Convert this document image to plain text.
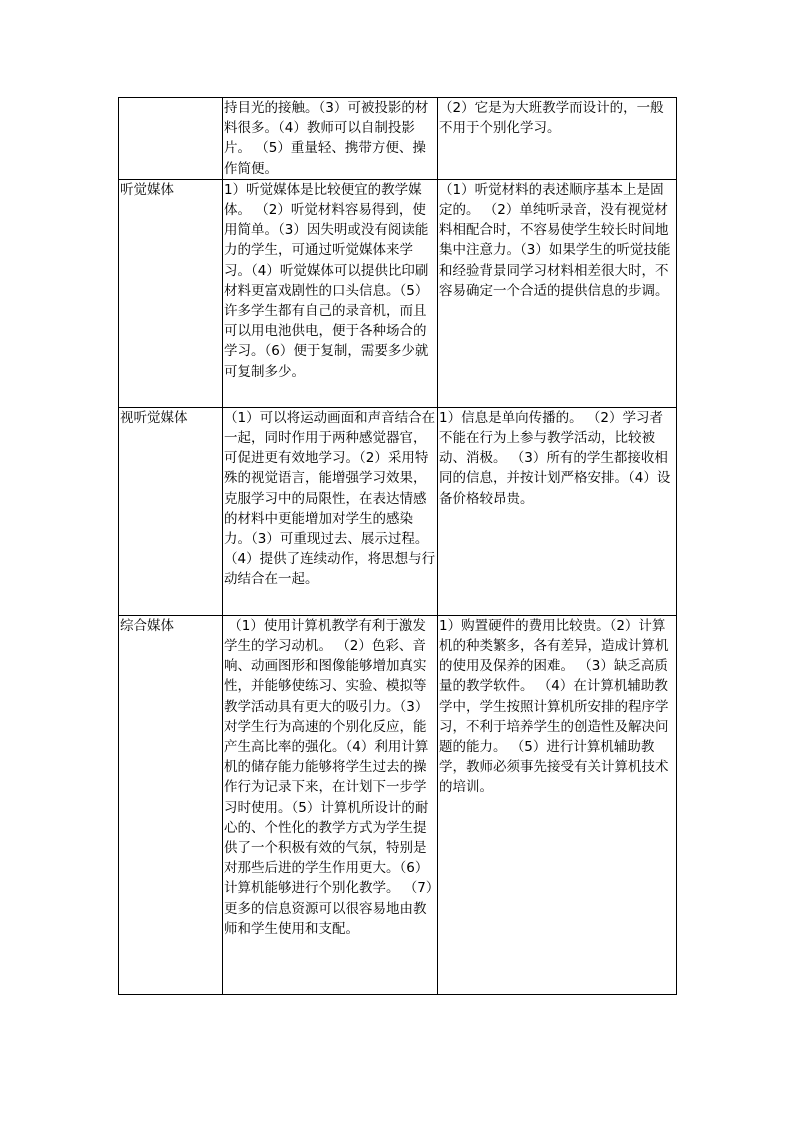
	持目光的接触。（3）可被投影的材料很多。（4）教师可以自制投影片。 （5）重量轻、携带方便、操作简便。	（2）它是为大班教学而设计的，一般不用于个别化学习。
听觉媒体	1）听觉媒体是比较便宜的教学媒体。 （2）听觉材料容易得到，使用简单。（3）因失明或没有阅读能力的学生，可通过听觉媒体来学习。（4）听觉媒体可以提供比印刷材料更富戏剧性的口头信息。（5）许多学生都有自己的录音机，而且可以用电池供电，便于各种场合的学习。（6）便于复制，需要多少就可复制多少。	（1）听觉材料的表述顺序基本上是固定的。 （2）单纯听录音，没有视觉材料相配合时，不容易使学生较长时间地集中注意力。（3）如果学生的听觉技能和经验背景同学习材料相差很大时，不容易确定一个合适的提供信息的步调。
视听觉媒体	（1）可以将运动画面和声音结合在一起，同时作用于两种感觉器官，可促进更有效地学习。（2）采用特殊的视觉语言，能增强学习效果，克服学习中的局限性，在表达情感的材料中更能增加对学生的感染力。（3）可重现过去、展示过程。（4）提供了连续动作，将思想与行动结合在一起。	1）信息是单向传播的。 （2）学习者不能在行为上参与教学活动，比较被动、消极。 （3）所有的学生都接收相同的信息，并按计划严格安排。（4）设备价格较昂贵。
综合媒体	（1）使用计算机教学有利于激发学生的学习动机。 （2）色彩、音响、动画图形和图像能够增加真实性，并能够使练习、实验、模拟等教学活动具有更大的吸引力。（3）对学生行为高速的个别化反应，能产生高比率的强化。（4）利用计算机的储存能力能够将学生过去的操作行为记录下来，在计划下一步学习时使用。（5）计算机所设计的耐心的、个性化的教学方式为学生提供了一个积极有效的气氛，特别是对那些后进的学生作用更大。（6）计算机能够进行个别化教学。 （7）更多的信息资源可以很容易地由教师和学生使用和支配。	1）购置硬件的费用比较贵。（2）计算机的种类繁多，各有差异，造成计算机的使用及保养的困难。 （3）缺乏高质量的教学软件。 （4）在计算机辅助教学中，学生按照计算机所安排的程序学习，不利于培养学生的创造性及解决问题的能力。 （5）进行计算机辅助教学，教师必须事先接受有关计算机技术的培训。
